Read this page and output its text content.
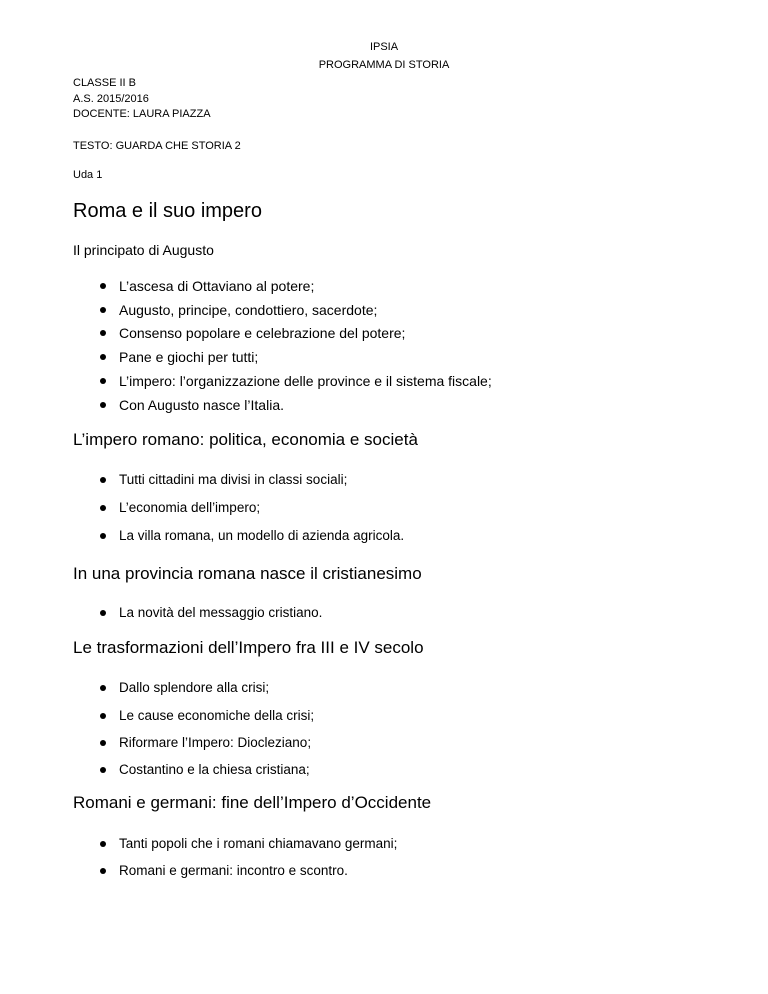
IPSIA
PROGRAMMA DI STORIA
CLASSE II B
A.S. 2015/2016
DOCENTE: LAURA PIAZZA
TESTO: GUARDA CHE STORIA 2
Uda 1
Roma e il suo impero
Il principato di Augusto
L’ascesa di Ottaviano al potere;
Augusto, principe, condottiero, sacerdote;
Consenso popolare e celebrazione del potere;
Pane e giochi per tutti;
L’impero: l’organizzazione delle province e il sistema fiscale;
Con Augusto nasce l’Italia.
L’impero romano: politica, economia e società
Tutti cittadini ma divisi in classi sociali;
L’economia dell’impero;
La villa romana, un modello di azienda agricola.
In una provincia romana nasce il cristianesimo
La novità del messaggio cristiano.
Le trasformazioni dell’Impero fra III e IV secolo
Dallo splendore alla crisi;
Le cause economiche della crisi;
Riformare l’Impero: Diocleziano;
Costantino e la chiesa cristiana;
Romani e germani: fine dell’Impero d’Occidente
Tanti popoli che i romani chiamavano germani;
Romani e germani: incontro e scontro.
